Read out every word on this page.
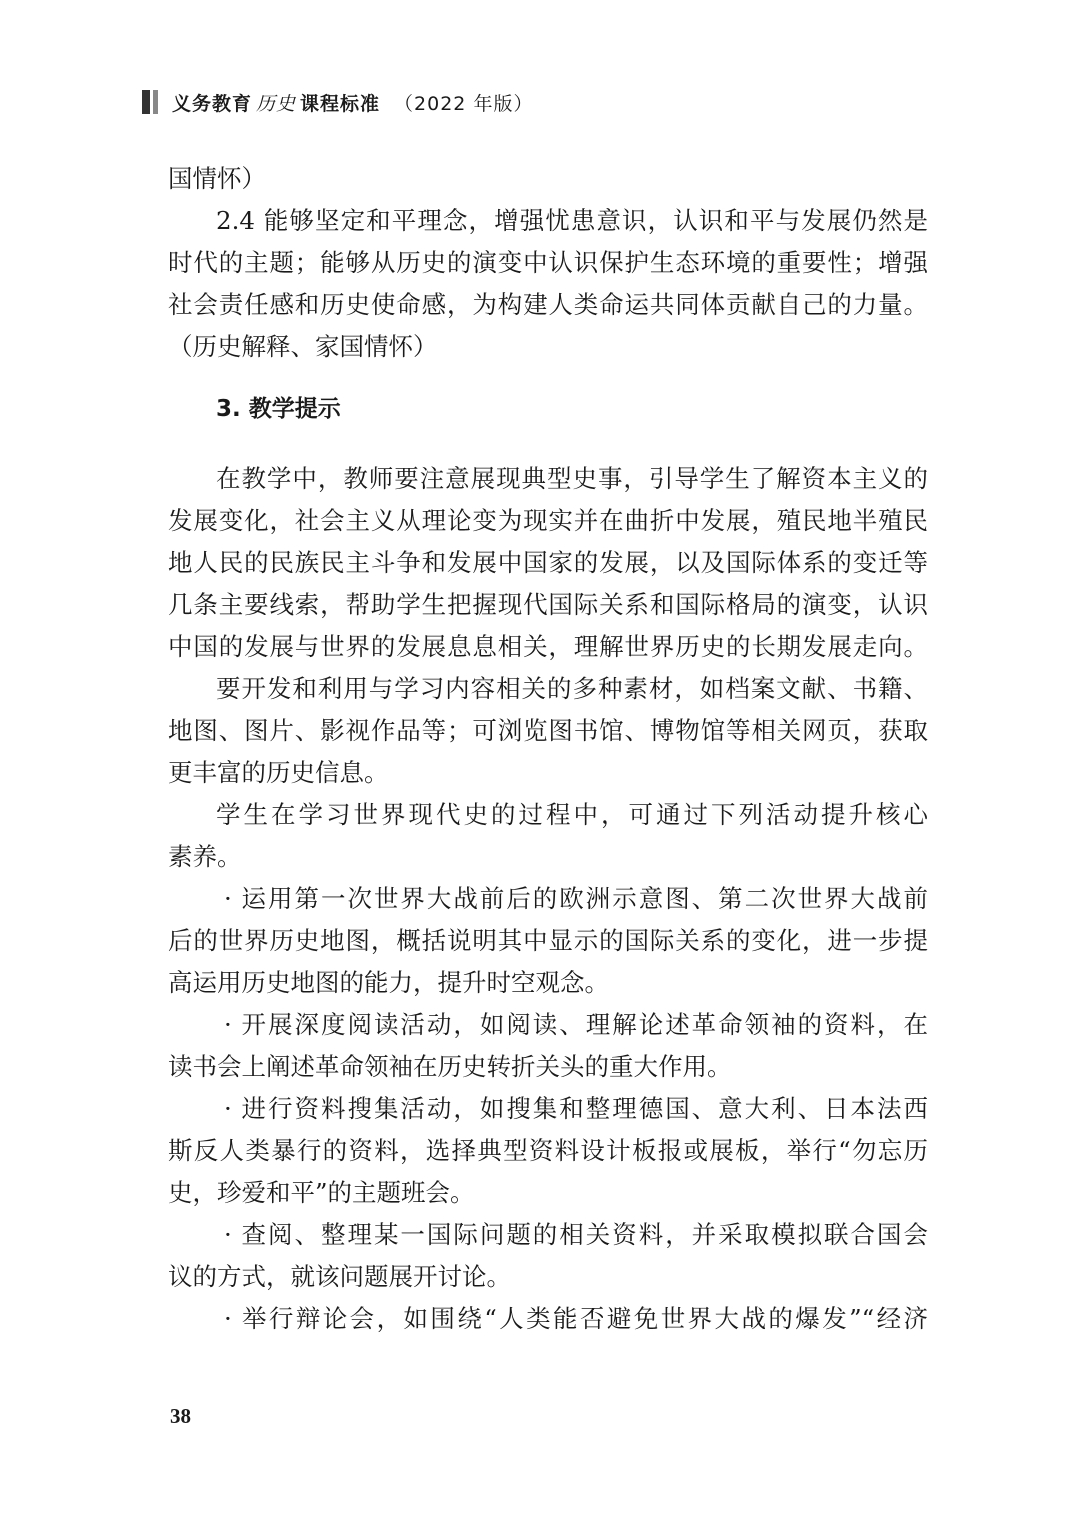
义务教育 历史 课程标准 （2022 年版）
国情怀）
2.4 能够坚定和平理念，增强忧患意识，认识和平与发展仍然是
时代的主题；能够从历史的演变中认识保护生态环境的重要性；增强
社会责任感和历史使命感，为构建人类命运共同体贡献自己的力量。
（历史解释、家国情怀）
3. 教学提示
在教学中，教师要注意展现典型史事，引导学生了解资本主义的
发展变化，社会主义从理论变为现实并在曲折中发展，殖民地半殖民
地人民的民族民主斗争和发展中国家的发展，以及国际体系的变迁等
几条主要线索，帮助学生把握现代国际关系和国际格局的演变，认识
中国的发展与世界的发展息息相关，理解世界历史的长期发展走向。
要开发和利用与学习内容相关的多种素材，如档案文献、书籍、
地图、图片、影视作品等；可浏览图书馆、博物馆等相关网页，获取
更丰富的历史信息。
学生在学习世界现代史的过程中，可通过下列活动提升核心
素养。
· 运用第一次世界大战前后的欧洲示意图、第二次世界大战前
后的世界历史地图，概括说明其中显示的国际关系的变化，进一步提
高运用历史地图的能力，提升时空观念。
· 开展深度阅读活动，如阅读、理解论述革命领袖的资料，在
读书会上阐述革命领袖在历史转折关头的重大作用。
· 进行资料搜集活动，如搜集和整理德国、意大利、日本法西
斯反人类暴行的资料，选择典型资料设计板报或展板，举行“勿忘历
史，珍爱和平”的主题班会。
· 查阅、整理某一国际问题的相关资料，并采取模拟联合国会
议的方式，就该问题展开讨论。
· 举行辩论会，如围绕“人类能否避免世界大战的爆发”“经济
38
